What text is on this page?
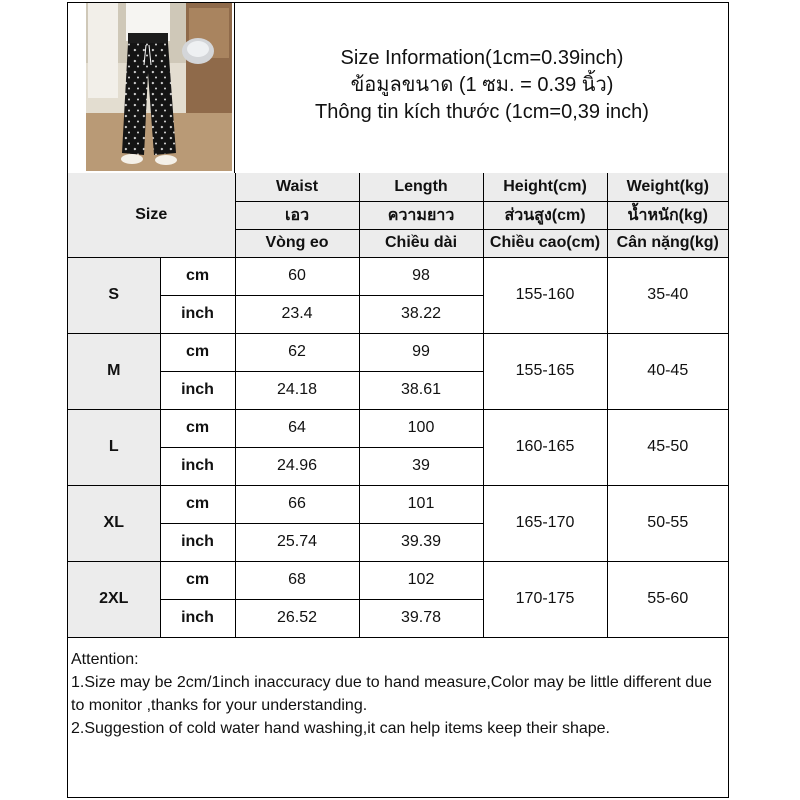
Size Information(1cm=0.39inch)
ข้อมูลขนาด (1 ซม. = 0.39 นิ้ว)
Thông tin kích thước (1cm=0,39 inch)
Size		Waist	Length	Height(cm)	Weight(kg)
		เอว	ความยาว	ส่วนสูง(cm)	น้ำหนัก(kg)
		Vòng eo	Chiều dài	Chiều cao(cm)	Cân nặng(kg)
S	cm	60	98	155-160	35-40
	inch	23.4	38.22		
M	cm	62	99	155-165	40-45
	inch	24.18	38.61		
L	cm	64	100	160-165	45-50
	inch	24.96	39		
XL	cm	66	101	165-170	50-55
	inch	25.74	39.39		
2XL	cm	68	102	170-175	55-60
	inch	26.52	39.78		
Attention:
1.Size may be 2cm/1inch inaccuracy due to hand measure,Color may be little different due to monitor ,thanks for your understanding.
2.Suggestion of cold water hand washing,it can help items keep their shape.
